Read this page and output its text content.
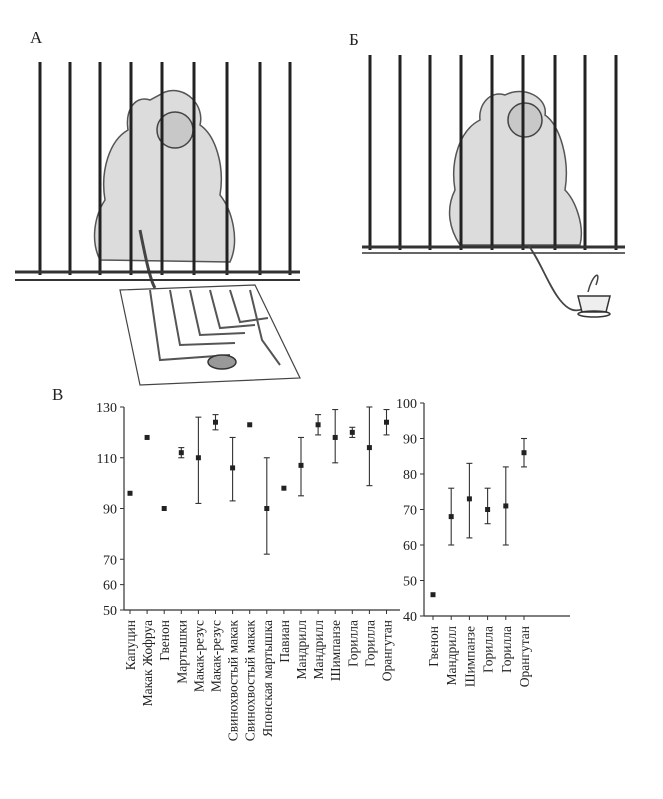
А	Б
В
50
60
70
90
110
130
Капуцин Макак Жофруа Гвенон Мартышки Макак-резус Макак-резус Свинохвостый макак Свинохвостый макак Японская мартышка Павиан Мандрилл Мандрилл Шимпанзе Горилла Горилла Орангутан
40
50
60
70
80
90
100
Гвенон Мандрилл Шимпанзе Горилла Горилла Орангутан
